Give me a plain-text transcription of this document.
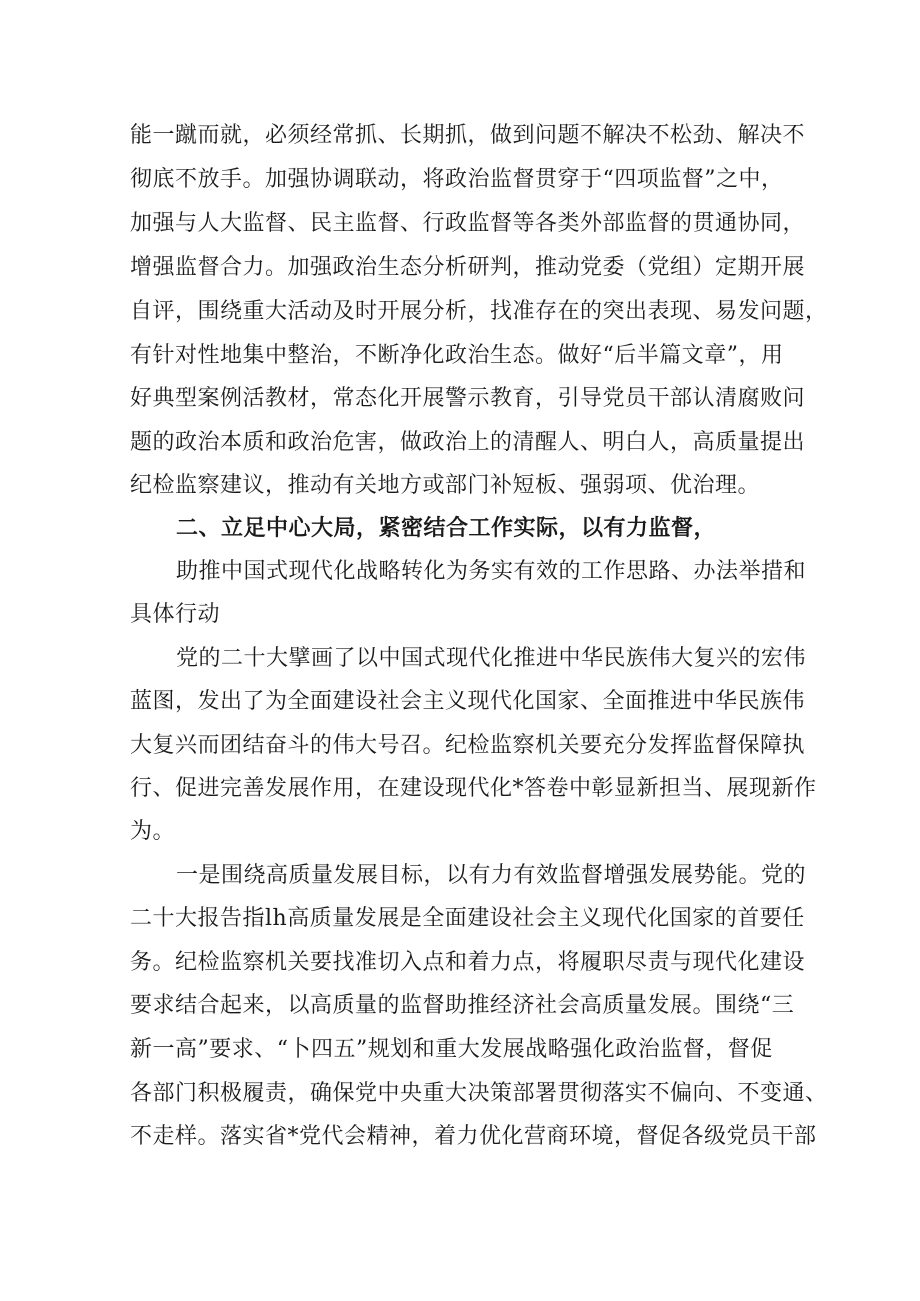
能一蹴而就，必须经常抓、长期抓，做到问题不解决不松劲、解决不

彻底不放手。加强协调联动，将政治监督贯穿于“四项监督”之中，

加强与人大监督、民主监督、行政监督等各类外部监督的贯通协同，

增强监督合力。加强政治生态分析研判，推动党委（党组）定期开展

自评，围绕重大活动及时开展分析，找准存在的突出表现、易发问题，

有针对性地集中整治，不断净化政治生态。做好“后半篇文章”，用

好典型案例活教材，常态化开展警示教育，引导党员干部认清腐败问

题的政治本质和政治危害，做政治上的清醒人、明白人，高质量提出

纪检监察建议，推动有关地方或部门补短板、强弱项、优治理。

二、立足中心大局，紧密结合工作实际，以有力监督，

助推中国式现代化战略转化为务实有效的工作思路、办法举措和

具体行动

党的二十大擘画了以中国式现代化推进中华民族伟大复兴的宏伟

蓝图，发出了为全面建设社会主义现代化国家、全面推进中华民族伟

大复兴而团结奋斗的伟大号召。纪检监察机关要充分发挥监督保障执

行、促进完善发展作用，在建设现代化*答卷中彰显新担当、展现新作

为。

一是围绕高质量发展目标，以有力有效监督增强发展势能。党的

二十大报告指lh高质量发展是全面建设社会主义现代化国家的首要任

务。纪检监察机关要找准切入点和着力点，将履职尽责与现代化建设

要求结合起来，以高质量的监督助推经济社会高质量发展。围绕“三

新一高”要求、“卜四五”规划和重大发展战略强化政治监督，督促

各部门积极履责，确保党中央重大决策部署贯彻落实不偏向、不变通、

不走样。落实省*党代会精神，着力优化营商环境，督促各级党员干部
